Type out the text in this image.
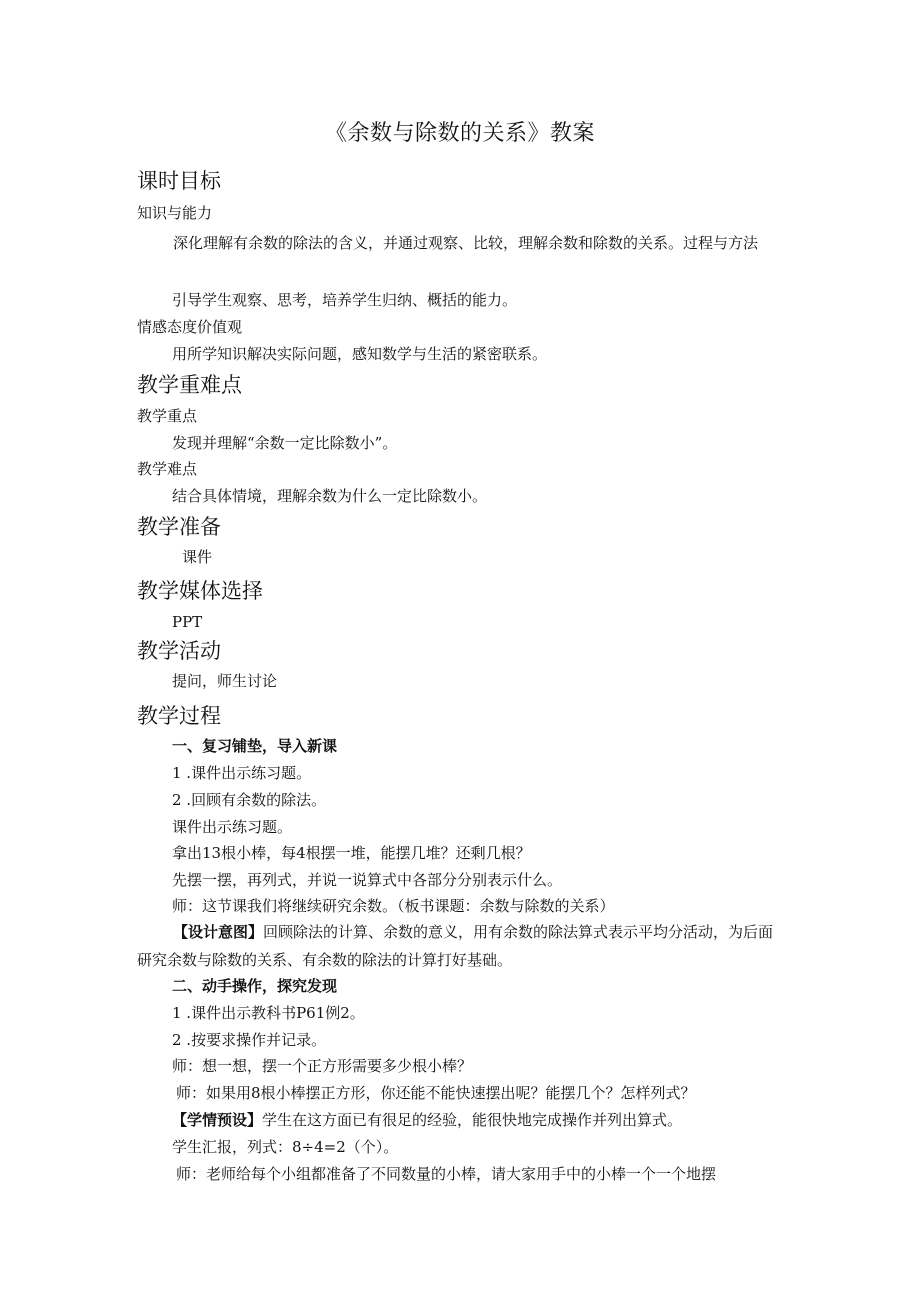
《余数与除数的关系》教案
课时目标
知识与能力
深化理解有余数的除法的含义，并通过观察、比较，理解余数和除数的关系。过程与方法
引导学生观察、思考，培养学生归纳、概括的能力。
情感态度价值观
用所学知识解决实际问题，感知数学与生活的紧密联系。
教学重难点
教学重点
发现并理解“余数一定比除数小”。
教学难点
结合具体情境，理解余数为什么一定比除数小。
教学准备
课件
教学媒体选择
PPT
教学活动
提问，师生讨论
教学过程
一、复习铺垫，导入新课
1 .课件出示练习题。
2 .回顾有余数的除法。
课件出示练习题。
拿出13根小棒，每4根摆一堆，能摆几堆？还剩几根？
先摆一摆，再列式，并说一说算式中各部分分别表示什么。
师：这节课我们将继续研究余数。（板书课题：余数与除数的关系）
【设计意图】回顾除法的计算、余数的意义，用有余数的除法算式表示平均分活动，为后面研究余数与除数的关系、有余数的除法的计算打好基础。
二、动手操作，探究发现
1 .课件出示教科书P61例2。
2 .按要求操作并记录。
师：想一想，摆一个正方形需要多少根小棒？
师：如果用8根小棒摆正方形，你还能不能快速摆出呢？能摆几个？怎样列式？
【学情预设】学生在这方面已有很足的经验，能很快地完成操作并列出算式。
学生汇报，列式：8÷4=2（个）。
师：老师给每个小组都准备了不同数量的小棒，请大家用手中的小棒一个一个地摆
